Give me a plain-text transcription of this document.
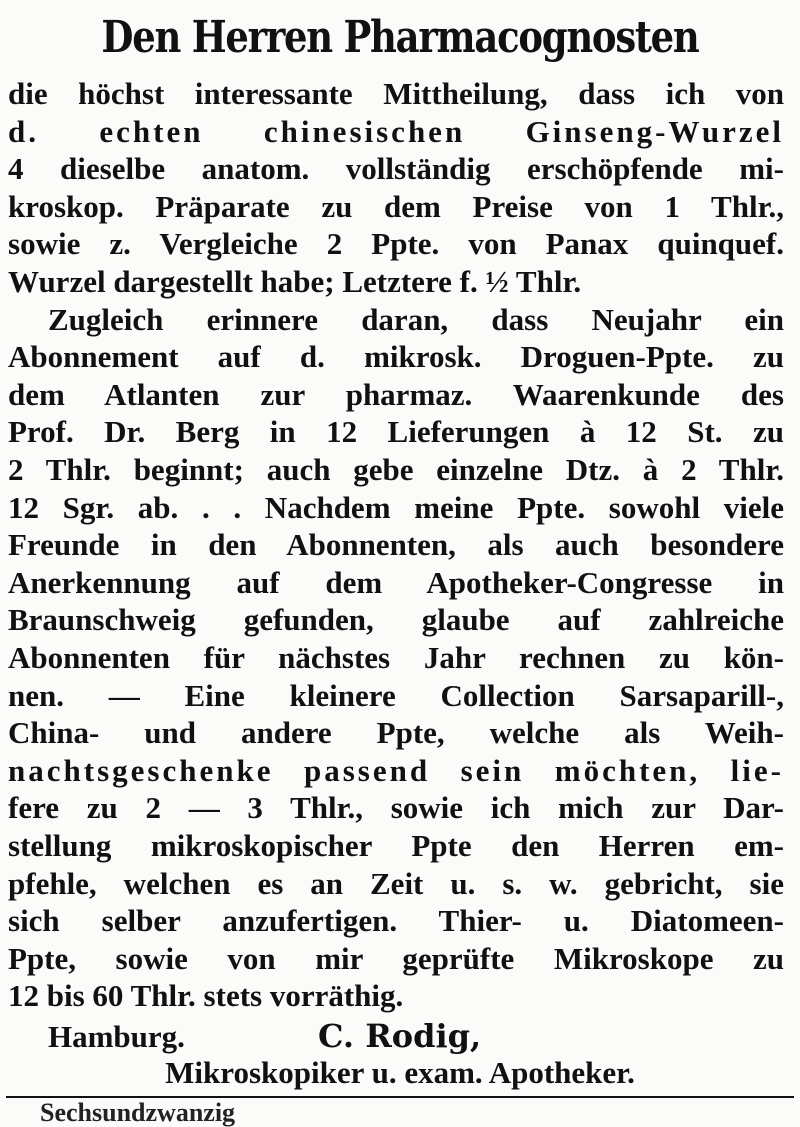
Den Herren Pharmacognosten
die höchst interessante Mittheilung, dass ich von
d. echten chinesischen Ginseng-Wurzel
4 dieselbe anatom. vollständig erschöpfende mi-
kroskop. Präparate zu dem Preise von 1 Thlr.,
sowie z. Vergleiche 2 Ppte. von Panax quinquef.
Wurzel dargestellt habe; Letztere f. ½ Thlr.
Zugleich erinnere daran, dass Neujahr ein
Abonnement auf d. mikrosk. Droguen-Ppte. zu
dem Atlanten zur pharmaz. Waarenkunde des
Prof. Dr. Berg in 12 Lieferungen à 12 St. zu
2 Thlr. beginnt; auch gebe einzelne Dtz. à 2 Thlr.
12 Sgr. ab. . . Nachdem meine Ppte. sowohl viele
Freunde in den Abonnenten, als auch besondere
Anerkennung auf dem Apotheker-Congresse in
Braunschweig gefunden, glaube auf zahlreiche
Abonnenten für nächstes Jahr rechnen zu kön-
nen. — Eine kleinere Collection Sarsaparill-,
China- und andere Ppte, welche als Weih-
nachtsgeschenke passend sein möchten, lie-
fere zu 2 — 3 Thlr., sowie ich mich zur Dar-
stellung mikroskopischer Ppte den Herren em-
pfehle, welchen es an Zeit u. s. w. gebricht, sie
sich selber anzufertigen. Thier- u. Diatomeen-
Ppte, sowie von mir geprüfte Mikroskope zu
12 bis 60 Thlr. stets vorräthig.
Hamburg.	C. Rodig,
Sechsundzwanzig
Mikroskopiker u. exam. Apotheker.
